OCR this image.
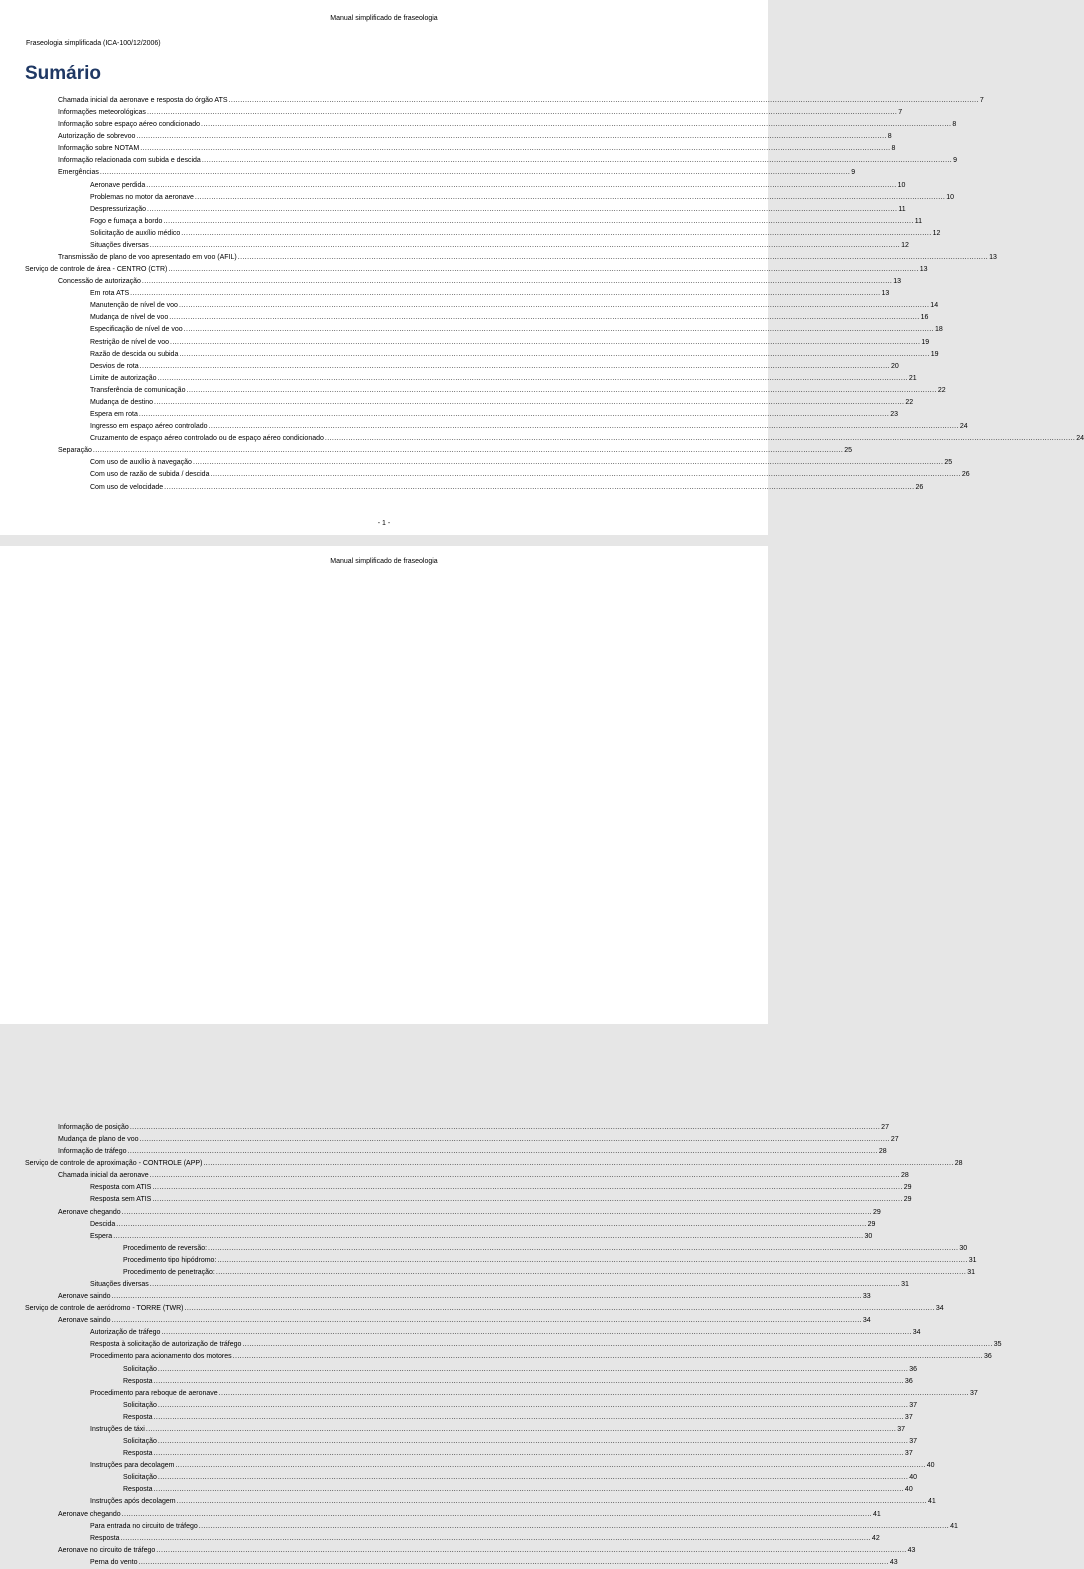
Manual simplificado de fraseologia
Fraseologia simplificada (ICA-100/12/2006)
Sumário
Chamada inicial da aeronave e resposta do órgão ATS .....	7
Informações meteorológicas .....	7
Informação sobre espaço aéreo condicionado .....	8
Autorização de sobrevoo .....	8
Informação sobre NOTAM .....	8
Informação relacionada com subida e descida .....	9
Emergências .....	9
Aeronave perdida .....	10
Problemas no motor da aeronave .....	10
Despressurização .....	11
Fogo e fumaça a bordo .....	11
Solicitação de auxílio médico .....	12
Situações diversas .....	12
Transmissão de plano de voo apresentado em voo (AFIL) .....	13
Serviço de controle de área - CENTRO (CTR) .....	13
Concessão de autorização .....	13
Em rota ATS .....	13
Manutenção de nível de voo .....	14
Mudança de nível de voo .....	16
Especificação de nível de voo .....	18
Restrição de nível de voo .....	19
Razão de descida ou subida .....	19
Desvios de rota .....	20
Limite de autorização .....	21
Transferência de comunicação .....	22
Mudança de destino .....	22
Espera em rota .....	23
Ingresso em espaço aéreo controlado .....	24
Cruzamento de espaço aéreo controlado ou de espaço aéreo condicionado .....	24
Separação .....	25
Com uso de auxílio à navegação .....	25
Com uso de razão de subida / descida .....	26
Com uso de velocidade .....	26
- 1 -
Manual simplificado de fraseologia
Informação de posição .....	27
Mudança de plano de voo .....	27
Informação de tráfego .....	28
Serviço de controle de aproximação - CONTROLE (APP) .....	28
Chamada inicial da aeronave .....	28
Resposta com ATIS .....	29
Resposta sem ATIS .....	29
Aeronave chegando .....	29
Descida .....	29
Espera .....	30
Procedimento de reversão: .....	30
Procedimento tipo hipódromo: .....	31
Procedimento de penetração: .....	31
Situações diversas .....	31
Aeronave saindo .....	33
Serviço de controle de aeródromo - TORRE (TWR) .....	34
Aeronave saindo .....	34
Autorização de tráfego .....	34
Resposta à solicitação de autorização de tráfego .....	35
Procedimento para acionamento dos motores .....	36
Solicitação .....	36
Resposta .....	36
Procedimento para reboque de aeronave .....	37
Solicitação .....	37
Resposta .....	37
Instruções de táxi .....	37
Solicitação .....	37
Resposta .....	37
Instruções para decolagem .....	40
Solicitação .....	40
Resposta .....	40
Instruções após decolagem .....	41
Aeronave chegando .....	41
Para entrada no circuito de tráfego .....	41
Resposta .....	42
Aeronave no circuito de tráfego .....	43
Perna do vento .....	43
